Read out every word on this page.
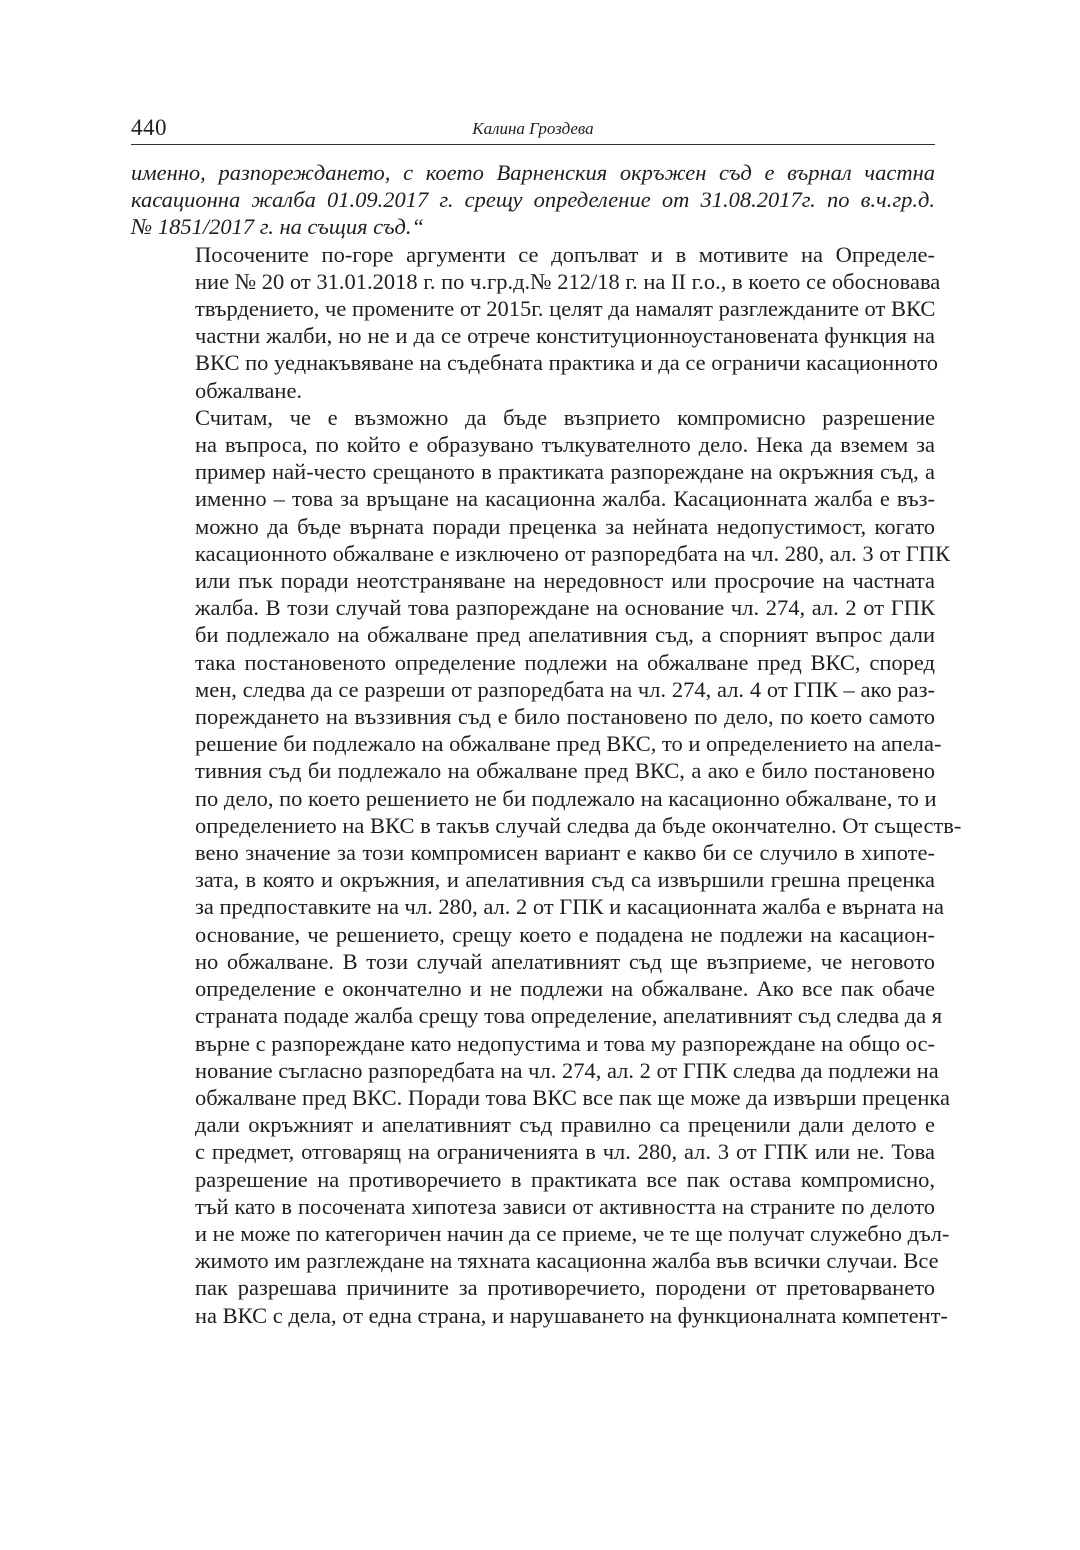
440	Калина Гроздева

именно, разпореждането, с което Варненския окръжен съд е върнал частна
касационна жалба 01.09.2017 г. срещу определение от 31.08.2017г. по в.ч.гр.д.
№ 1851/2017 г. на същия съд.“

Посочените по-горе аргументи се допълват и в мотивите на Определе-
ние № 20 от 31.01.2018 г. по ч.гр.д.№ 212/18 г. на II г.о., в което се обосновава
твърдението, че промените от 2015г. целят да намалят разглежданите от ВКС
частни жалби, но не и да се отрече конституционноустановената функция на
ВКС по уеднакъвяване на съдебната практика и да се ограничи касационното
обжалване.

Считам, че е възможно да бъде възприето компромисно разрешение
на въпроса, по който е образувано тълкувателното дело. Нека да вземем за
пример най-често срещаното в практиката разпореждане на окръжния съд, а
именно – това за връщане на касационна жалба. Касационната жалба е въз-
можно да бъде върната поради преценка за нейната недопустимост, когато
касационното обжалване е изключено от разпоредбата на чл. 280, ал. 3 от ГПК
или пък поради неотстраняване на нередовност или просрочие на частната
жалба. В този случай това разпореждане на основание чл. 274, ал. 2 от ГПК
би подлежало на обжалване пред апелативния съд, а спорният въпрос дали
така постановеното определение подлежи на обжалване пред ВКС, според
мен, следва да се разреши от разпоредбата на чл. 274, ал. 4 от ГПК – ако раз-
пореждането на въззивния съд е било постановено по дело, по което самото
решение би подлежало на обжалване пред ВКС, то и определението на апела-
тивния съд би подлежало на обжалване пред ВКС, а ако е било постановено
по дело, по което решението не би подлежало на касационно обжалване, то и
определението на ВКС в такъв случай следва да бъде окончателно. От съществ-
вено значение за този компромисен вариант е какво би се случило в хипоте-
зата, в която и окръжния, и апелативния съд са извършили грешна преценка
за предпоставките на чл. 280, ал. 2 от ГПК и касационната жалба е върната на
основание, че решението, срещу което е подадена не подлежи на касацион-
но обжалване. В този случай апелативният съд ще възприеме, че неговото
определение е окончателно и не подлежи на обжалване. Ако все пак обаче
страната подаде жалба срещу това определение, апелативният съд следва да я
върне с разпореждане като недопустима и това му разпореждане на общо ос-
нование съгласно разпоредбата на чл. 274, ал. 2 от ГПК следва да подлежи на
обжалване пред ВКС. Поради това ВКС все пак ще може да извърши преценка
дали окръжният и апелативният съд правилно са преценили дали делото е
с предмет, отговарящ на ограниченията в чл. 280, ал. 3 от ГПК или не. Това
разрешение на противоречието в практиката все пак остава компромисно,
тъй като в посочената хипотеза зависи от активността на страните по делото
и не може по категоричен начин да се приеме, че те ще получат служебно дъл-
жимото им разглеждане на тяхната касационна жалба във всички случаи. Все
пак разрешава причините за противоречието, породени от претоварването
на ВКС с дела, от една страна, и нарушаването на функционалната компетент-
